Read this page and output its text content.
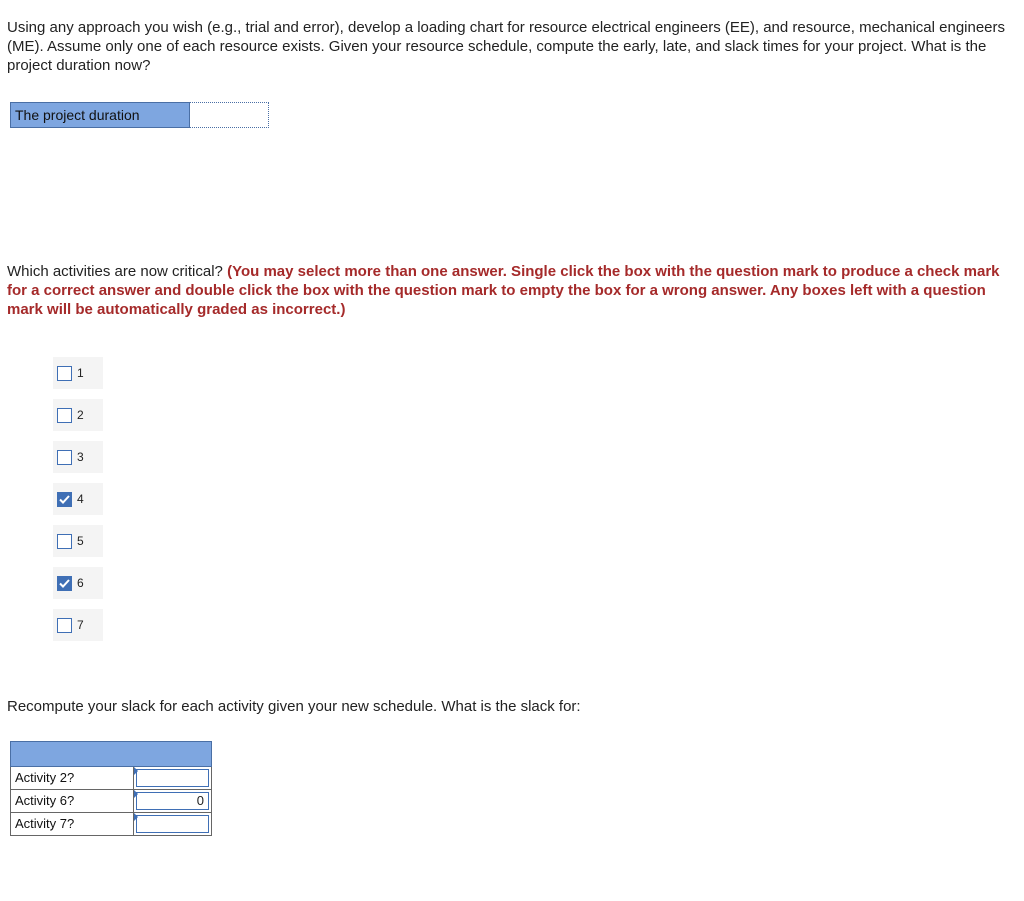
Using any approach you wish (e.g., trial and error), develop a loading chart for resource electrical engineers (EE), and resource, mechanical engineers (ME). Assume only one of each resource exists. Given your resource schedule, compute the early, late, and slack times for your project. What is the project duration now?
The project duration
Which activities are now critical? (You may select more than one answer. Single click the box with the question mark to produce a check mark for a correct answer and double click the box with the question mark to empty the box for a wrong answer. Any boxes left with a question mark will be automatically graded as incorrect.)
1
2
3
4
5
6
7
Recompute your slack for each activity given your new schedule. What is the slack for:

Activity 2?	

Activity 6?	0

Activity 7?	
